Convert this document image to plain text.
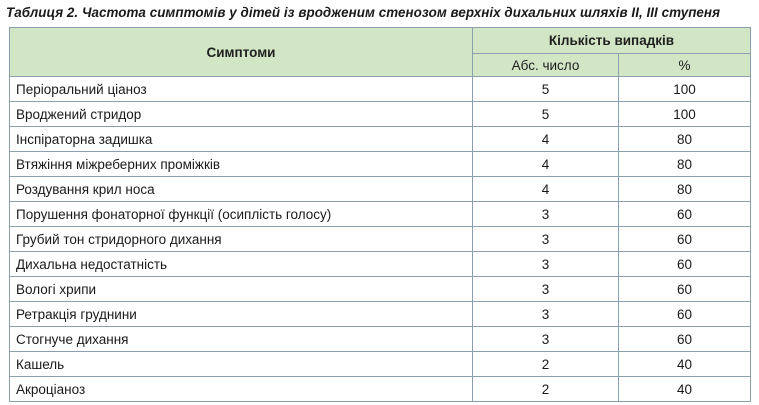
Таблиця 2. Частота симптомів у дітей із вродженим стенозом верхніх дихальних шляхів II, III ступеня
Симптоми	Кількість випадків	
	Абс. число	%
Періоральний ціаноз	5	100
Вроджений стридор	5	100
Інспіраторна задишка	4	80
Втяжіння міжреберних проміжків	4	80
Роздування крил носа	4	80
Порушення фонаторної функції (осиплість голосу)	3	60
Грубий тон стридорного дихання	3	60
Дихальна недостатність	3	60
Вологі хрипи	3	60
Ретракція груднини	3	60
Стогнуче дихання	3	60
Кашель	2	40
Акроціаноз	2	40
